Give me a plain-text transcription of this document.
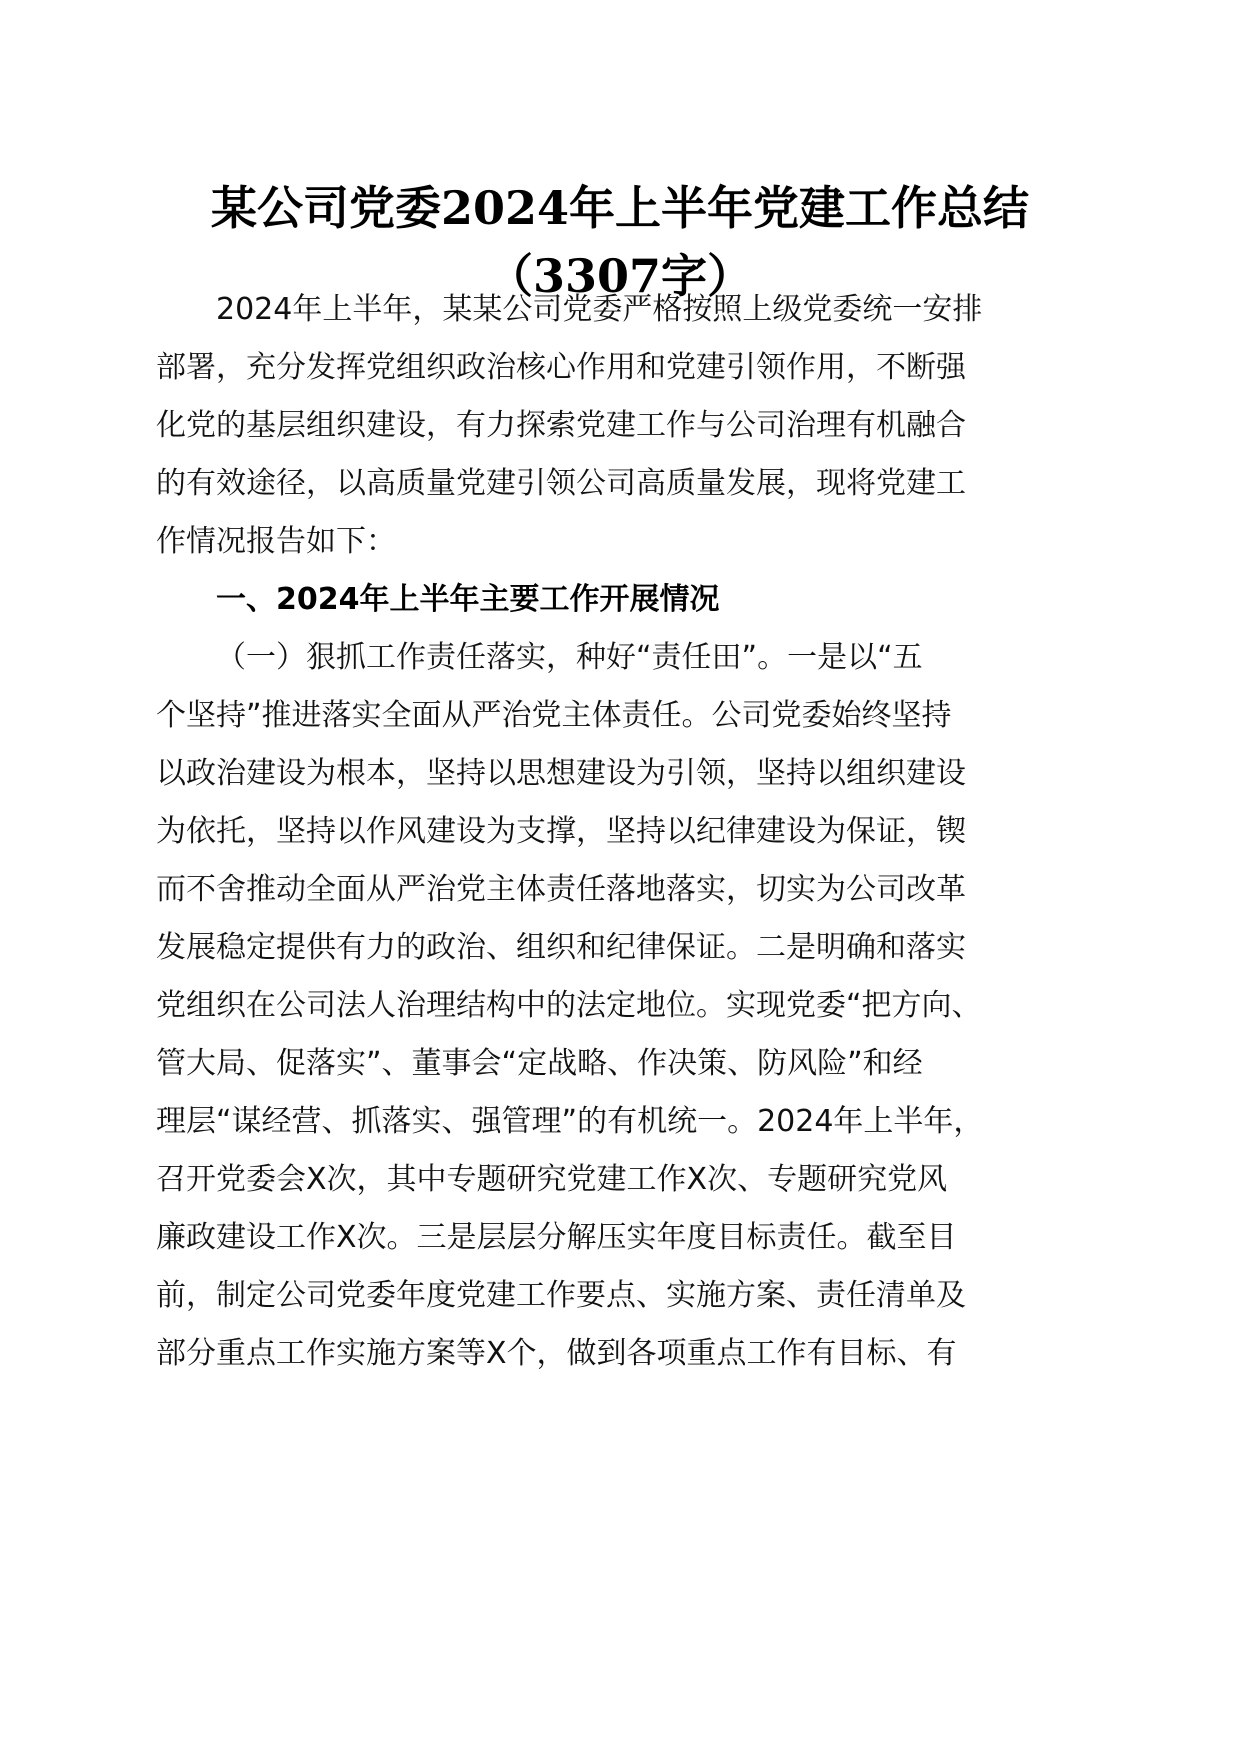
某公司党委2024年上半年党建工作总结
（3307字）
2024年上半年，某某公司党委严格按照上级党委统一安排
部署，充分发挥党组织政治核心作用和党建引领作用，不断强
化党的基层组织建设，有力探索党建工作与公司治理有机融合
的有效途径，以高质量党建引领公司高质量发展，现将党建工
作情况报告如下：
一、2024年上半年主要工作开展情况
（一）狠抓工作责任落实，种好“责任田”。一是以“五
个坚持”推进落实全面从严治党主体责任。公司党委始终坚持
以政治建设为根本，坚持以思想建设为引领，坚持以组织建设
为依托，坚持以作风建设为支撑，坚持以纪律建设为保证，锲
而不舍推动全面从严治党主体责任落地落实，切实为公司改革
发展稳定提供有力的政治、组织和纪律保证。二是明确和落实
党组织在公司法人治理结构中的法定地位。实现党委“把方向、
管大局、促落实”、董事会“定战略、作决策、防风险”和经
理层“谋经营、抓落实、强管理”的有机统一。2024年上半年，
召开党委会X次，其中专题研究党建工作X次、专题研究党风
廉政建设工作X次。三是层层分解压实年度目标责任。截至目
前，制定公司党委年度党建工作要点、实施方案、责任清单及
部分重点工作实施方案等X个，做到各项重点工作有目标、有
